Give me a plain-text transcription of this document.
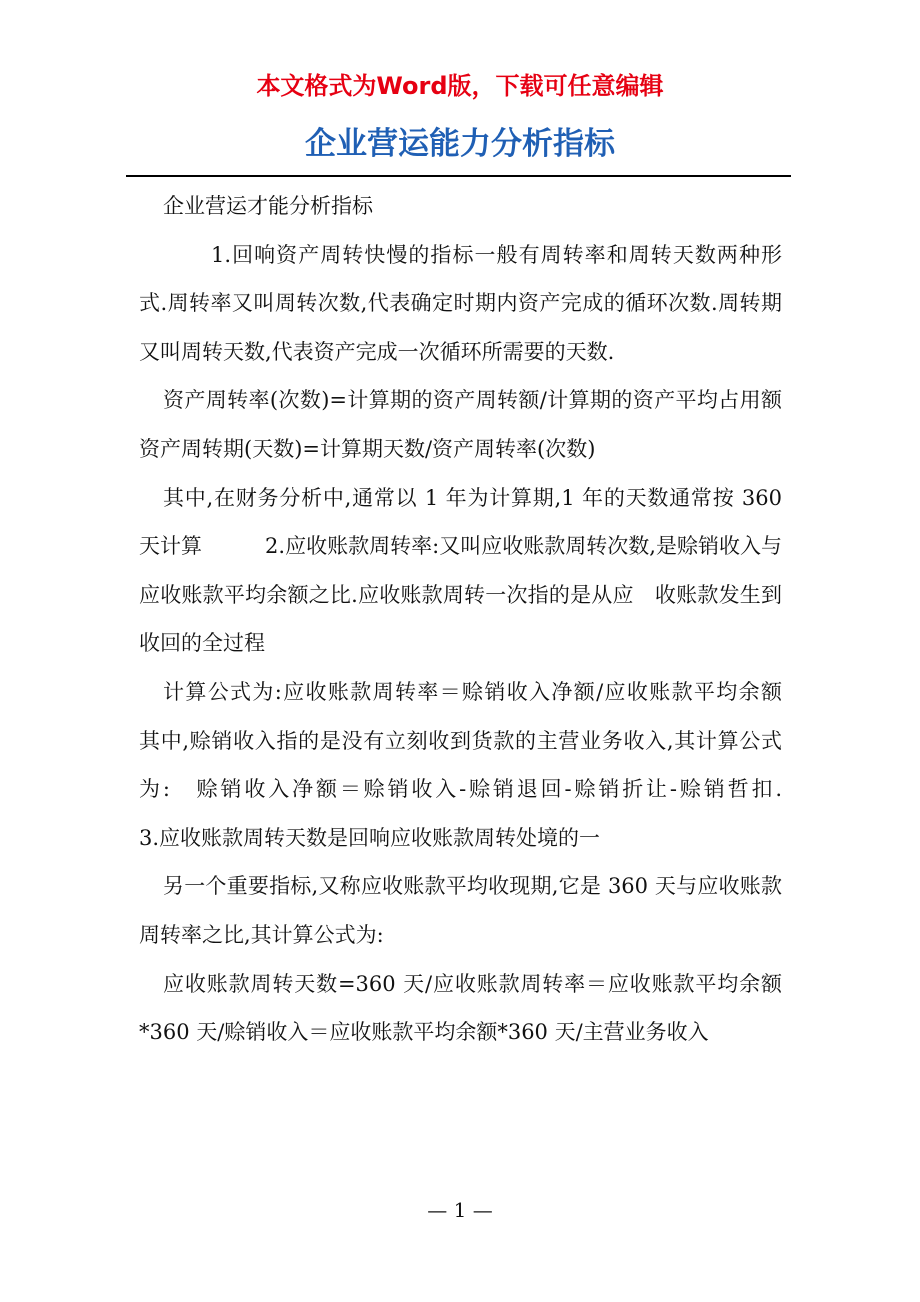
本文格式为Word版，下载可任意编辑
企业营运能力分析指标

企业营运才能分析指标

1.回响资产周转快慢的指标一般有周转率和周转天数两种形式.周转率又叫周转次数,代表确定时期内资产完成的循环次数.周转期又叫周转天数,代表资产完成一次循环所需要的天数.

资产周转率(次数)=计算期的资产周转额/计算期的资产平均占用额　资产周转期(天数)=计算期天数/资产周转率(次数)

其中,在财务分析中,通常以 1 年为计算期,1 年的天数通常按 360 天计算　　　2.应收账款周转率:又叫应收账款周转次数,是赊销收入与应收账款平均余额之比.应收账款周转一次指的是从应　收账款发生到收回的全过程

计算公式为:应收账款周转率＝赊销收入净额/应收账款平均余额　其中,赊销收入指的是没有立刻收到货款的主营业务收入,其计算公式为:　赊销收入净额＝赊销收入-赊销退回-赊销折让-赊销哲扣.　　　3.应收账款周转天数是回响应收账款周转处境的一

另一个重要指标,又称应收账款平均收现期,它是 360 天与应收账款周转率之比,其计算公式为:

应收账款周转天数=360 天/应收账款周转率＝应收账款平均余额*360 天/赊销收入＝应收账款平均余额*360 天/主营业务收入

— 1 —
